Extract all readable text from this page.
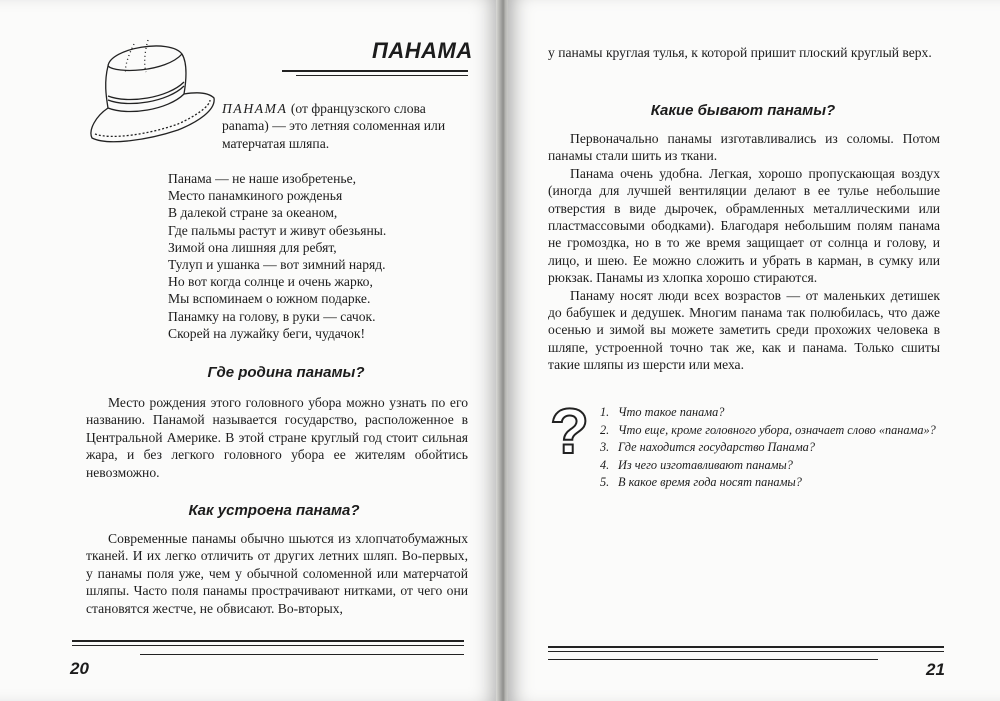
ПАНАМА
ПАНАМА (от французского слова
panama) — это летняя соломенная или
матерчатая шляпа.
Панама — не наше изобретенье,
Место панамкиного рожденья
В далекой стране за океаном,
Где пальмы растут и живут обезьяны.
Зимой она лишняя для ребят,
Тулуп и ушанка — вот зимний наряд.
Но вот когда солнце и очень жарко,
Мы вспоминаем о южном подарке.
Панамку на голову, в руки — сачок.
Скорей на лужайку беги, чудачок!
Где родина панамы?

Место рождения этого головного убора можно узнать по его названию. Панамой называется государство, расположенное в Центральной Америке. В этой стране круглый год стоит сильная жара, и без легкого головного убора ее жителям обойтись невозможно.

Как устроена панама?

Современные панамы обычно шьются из хлопчатобумажных тканей. И их легко отличить от других летних шляп. Во-первых, у панамы поля уже, чем у обычной соломенной или матерчатой шляпы. Часто поля панамы прострачивают нитками, от чего они становятся жестче, не обвисают. Во-вторых,

20

у панамы круглая тулья, к которой пришит плоский круглый верх.

Какие бывают панамы?

Первоначально панамы изготавливались из соломы. Потом панамы стали шить из ткани.

Панама очень удобна. Легкая, хорошо пропускающая воздух (иногда для лучшей вентиляции делают в ее тулье небольшие отверстия в виде дырочек, обрамленных металлическими или пластмассовыми ободками). Благодаря небольшим полям панама не громоздка, но в то же время защищает от солнца и голову, и лицо, и шею. Ее можно сложить и убрать в карман, в сумку или рюкзак. Панамы из хлопка хорошо стираются.

Панаму носят люди всех возрастов — от маленьких детишек до бабушек и дедушек. Многим панама так полюбилась, что даже осенью и зимой вы можете заметить среди прохожих человека в шляпе, устроенной точно так же, как и панама. Только сшиты такие шляпы из шерсти или меха.

? 1. Что такое панама?
2. Что еще, кроме головного убора, означает слово «панама»?
3. Где находится государство Панама?
4. Из чего изготавливают панамы?
5. В какое время года носят панамы?
21
